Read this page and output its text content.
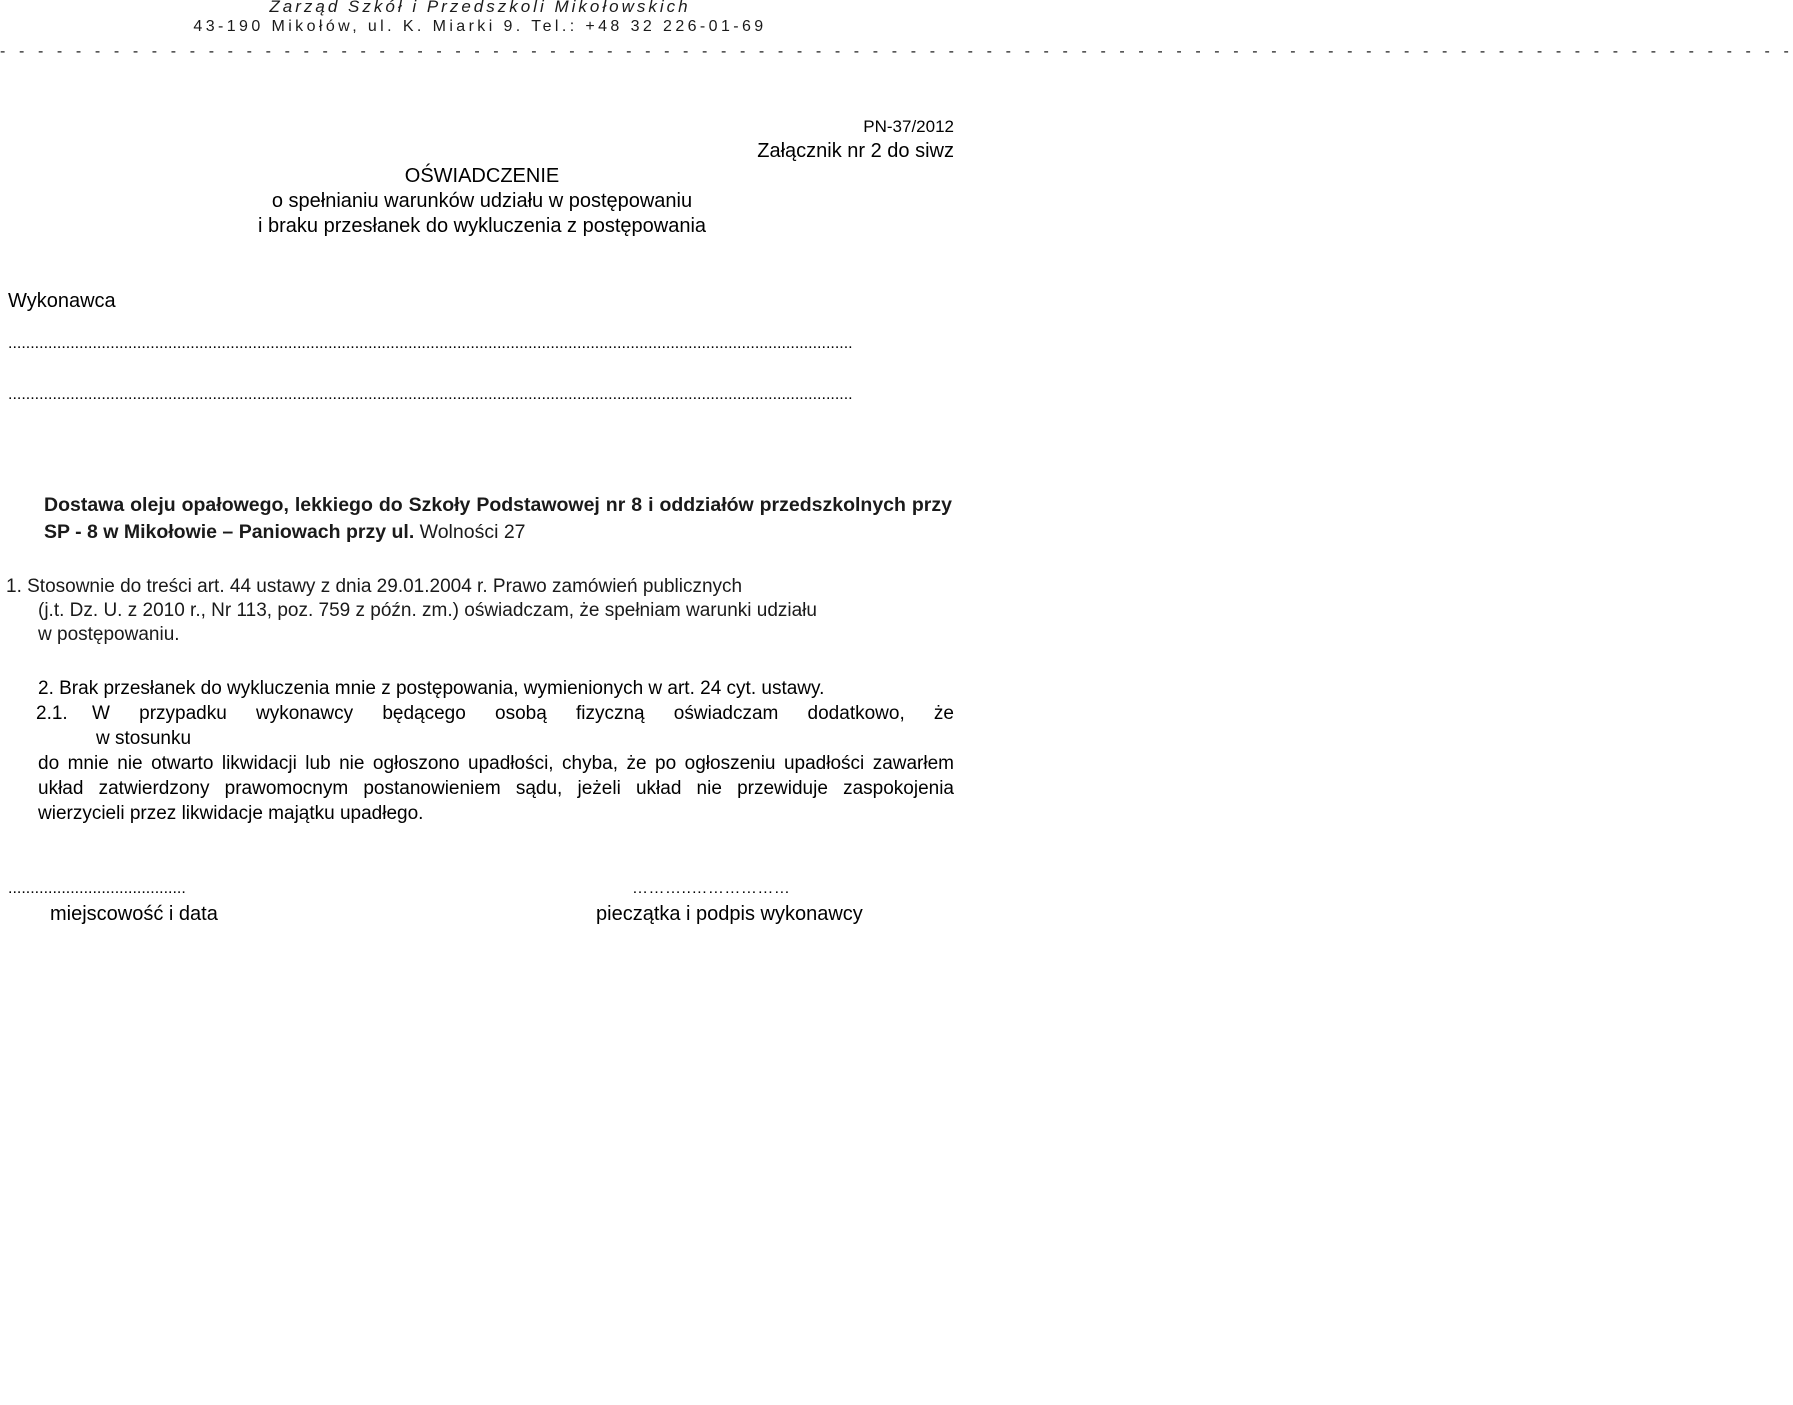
Zarząd Szkół i Przedszkoli Mikołowskich
43-190 Mikołów, ul. K. Miarki 9. Tel.: +48 32 226-01-69
- - - - - - - - - - - - - - - - - - - - - - - - - - - - - - - - - - - - - - - - - - - - - - - - - - - - - - - - - - - - - - - - - - - - - - - - - - - - - - - - - - - - - - - - - - - - - - -
PN-37/2012
Załącznik nr 2 do siwz
OŚWIADCZENIE
o spełnianiu warunków udziału w postępowaniu
i braku przesłanek do wykluczenia z postępowania
Wykonawca
..............................................................................................................................................................................................
..............................................................................................................................................................................................
Dostawa oleju opałowego, lekkiego do Szkoły Podstawowej nr 8 i oddziałów przedszkolnych przy SP - 8 w Mikołowie – Paniowach przy ul. Wolności 27
1. Stosownie do treści art. 44 ustawy z dnia 29.01.2004 r. Prawo zamówień publicznych
(j.t. Dz. U. z 2010 r., Nr 113, poz. 759 z późn. zm.) oświadczam, że spełniam warunki udziału
w postępowaniu.
2. Brak przesłanek do wykluczenia mnie z postępowania, wymienionych w art. 24 cyt. ustawy.
2.1.	W przypadku wykonawcy będącego osobą fizyczną oświadczam dodatkowo, że
w stosunku
do mnie nie otwarto likwidacji lub nie ogłoszono upadłości, chyba, że po ogłoszeniu upadłości zawarłem układ zatwierdzony prawomocnym postanowieniem sądu, jeżeli układ nie przewiduje zaspokojenia wierzycieli przez likwidacje majątku upadłego.
........................................	………..………………
miejscowość i data	pieczątka i podpis wykonawcy
